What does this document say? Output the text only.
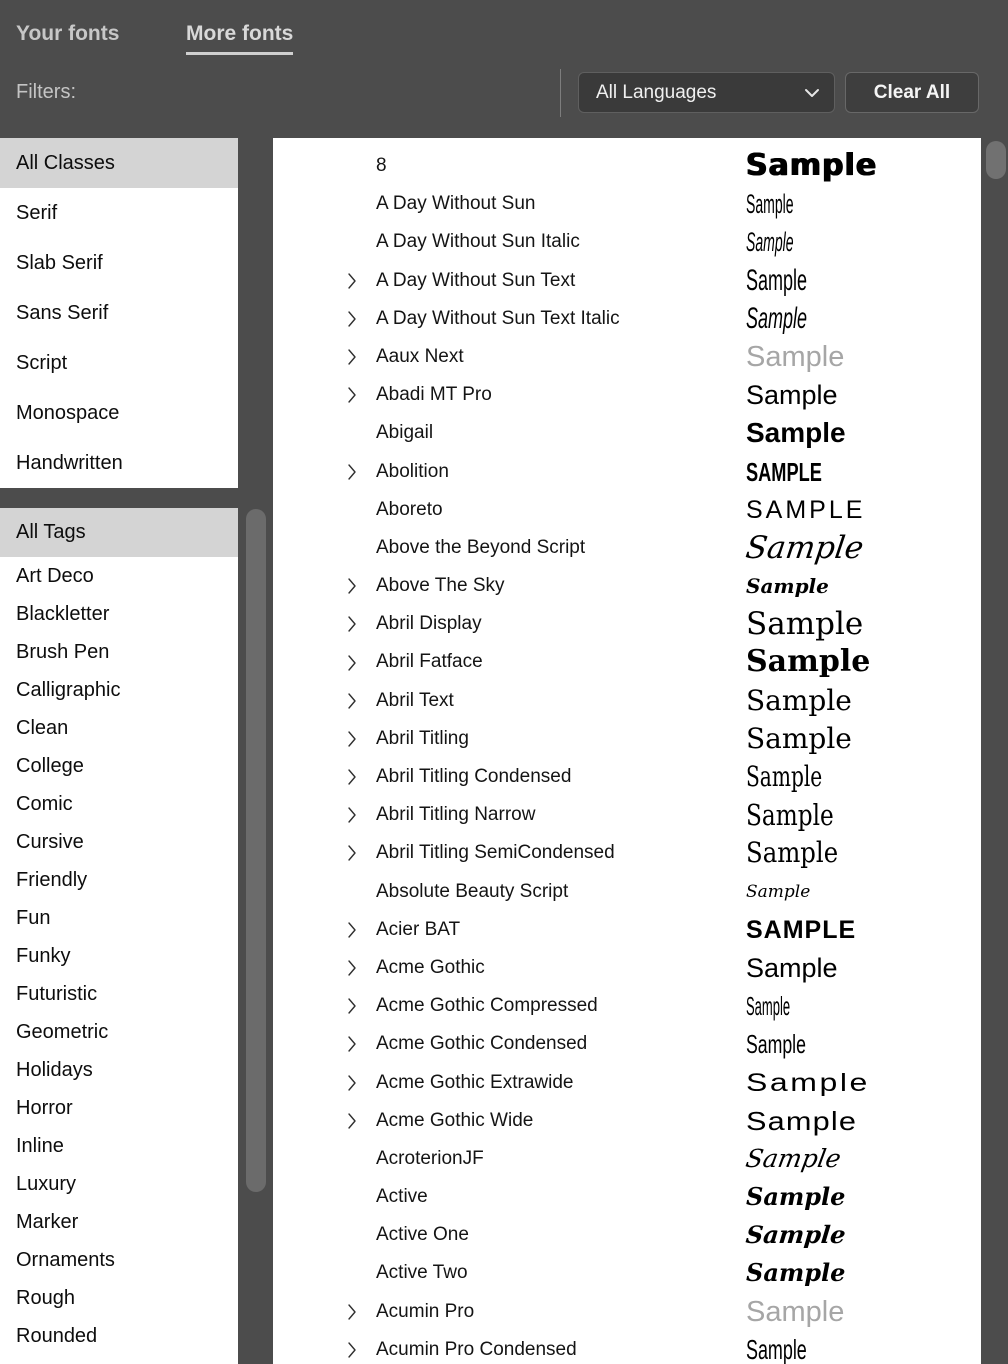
Your fonts	More fonts
Filters:	All Languages	Clear All
All Classes
Serif
Slab Serif
Sans Serif
Script
Monospace
Handwritten
All Tags
Art Deco
Blackletter
Brush Pen
Calligraphic
Clean
College
Comic
Cursive
Friendly
Fun
Funky
Futuristic
Geometric
Holidays
Horror
Inline
Luxury
Marker
Ornaments
Rough
Rounded
8	Sample
A Day Without Sun	Sample
A Day Without Sun Italic	Sample
A Day Without Sun Text	Sample
A Day Without Sun Text Italic	Sample
Aaux Next	Sample
Abadi MT Pro	Sample
Abigail	Sample
Abolition	SAMPLE
Aboreto	SAMPLE
Above the Beyond Script	Sample
Above The Sky	Sample
Abril Display	Sample
Abril Fatface	Sample
Abril Text	Sample
Abril Titling	Sample
Abril Titling Condensed	Sample
Abril Titling Narrow	Sample
Abril Titling SemiCondensed	Sample
Absolute Beauty Script	Sample
Acier BAT	SAMPLE
Acme Gothic	Sample
Acme Gothic Compressed	Sample
Acme Gothic Condensed	Sample
Acme Gothic Extrawide	Sample
Acme Gothic Wide	Sample
AcroterionJF	Sample
Active	Sample
Active One	Sample
Active Two	Sample
Acumin Pro	Sample
Acumin Pro Condensed	Sample
